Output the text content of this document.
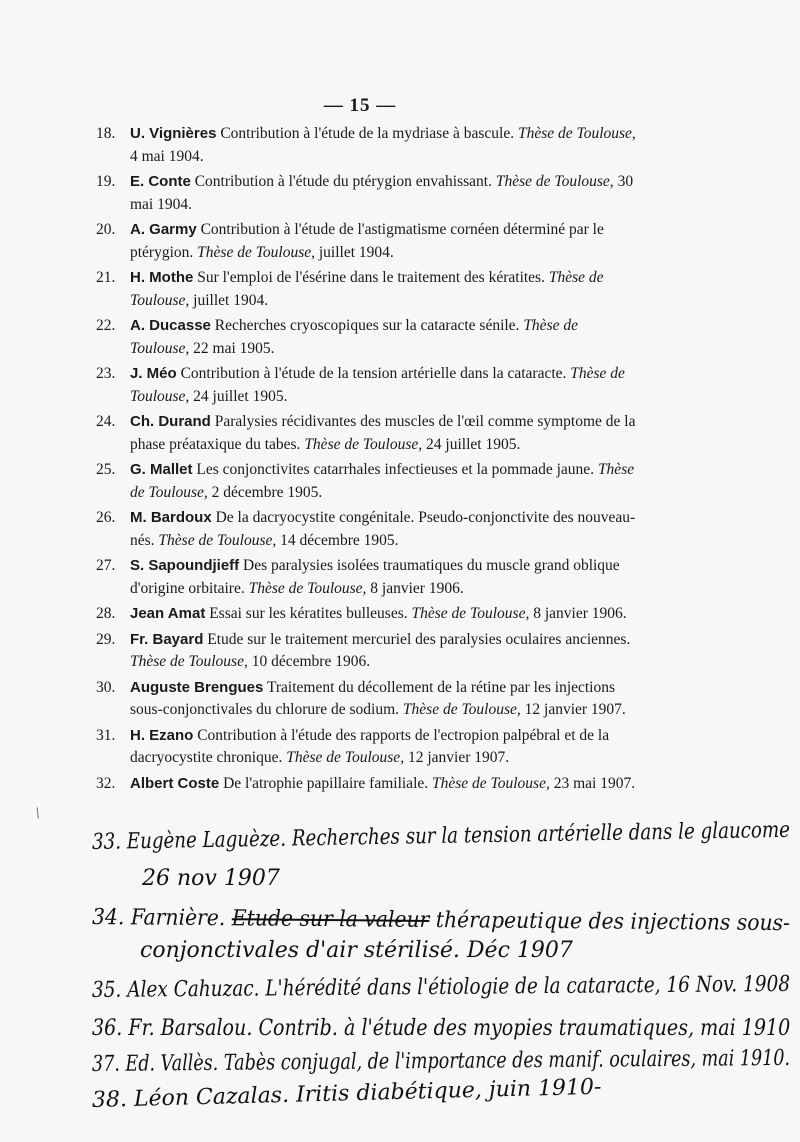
— 15 —
18. U. Vignières Contribution à l'étude de la mydriase à bascule. Thèse de Toulouse, 4 mai 1904.
19. E. Conte Contribution à l'étude du ptérygion envahissant. Thèse de Toulouse, 30 mai 1904.
20. A. Garmy Contribution à l'étude de l'astigmatisme cornéen déterminé par le ptérygion. Thèse de Toulouse, juillet 1904.
21. H. Mothe Sur l'emploi de l'ésérine dans le traitement des kératites. Thèse de Toulouse, juillet 1904.
22. A. Ducasse Recherches cryoscopiques sur la cataracte sénile. Thèse de Toulouse, 22 mai 1905.
23. J. Méo Contribution à l'étude de la tension artérielle dans la cataracte. Thèse de Toulouse, 24 juillet 1905.
24. Ch. Durand Paralysies récidivantes des muscles de l'œil comme symptome de la phase préataxique du tabes. Thèse de Toulouse, 24 juillet 1905.
25. G. Mallet Les conjonctivites catarrhales infectieuses et la pommade jaune. Thèse de Toulouse, 2 décembre 1905.
26. M. Bardoux De la dacryocystite congénitale. Pseudo-conjonctivite des nouveau-nés. Thèse de Toulouse, 14 décembre 1905.
27. S. Sapoundjieff Des paralysies isolées traumatiques du muscle grand oblique d'origine orbitaire. Thèse de Toulouse, 8 janvier 1906.
28. Jean Amat Essai sur les kératites bulleuses. Thèse de Toulouse, 8 janvier 1906.
29. Fr. Bayard Etude sur le traitement mercuriel des paralysies oculaires anciennes. Thèse de Toulouse, 10 décembre 1906.
30. Auguste Brengues Traitement du décollement de la rétine par les injections sous-conjonctivales du chlorure de sodium. Thèse de Toulouse, 12 janvier 1907.
31. H. Ezano Contribution à l'étude des rapports de l'ectropion palpébral et de la dacryocystite chronique. Thèse de Toulouse, 12 janvier 1907.
32. Albert Coste De l'atrophie papillaire familiale. Thèse de Toulouse, 23 mai 1907.
/
33. Eugène Laguèze. Recherches sur la tension artérielle dans le glaucome
26 nov 1907
34. Farnière. Etude sur la valeur thérapeutique des injections sous-
conjonctivales d'air stérilisé. Déc 1907
35. Alex Cahuzac. L'hérédité dans l'étiologie de la cataracte, 16 Nov. 1908
36. Fr. Barsalou. Contrib. à l'étude des myopies traumatiques, mai 1910
37. Ed. Vallès. Tabès conjugal, de l'importance des manif. oculaires, mai 1910.
38. Léon Cazalas. Iritis diabétique, juin 1910-
